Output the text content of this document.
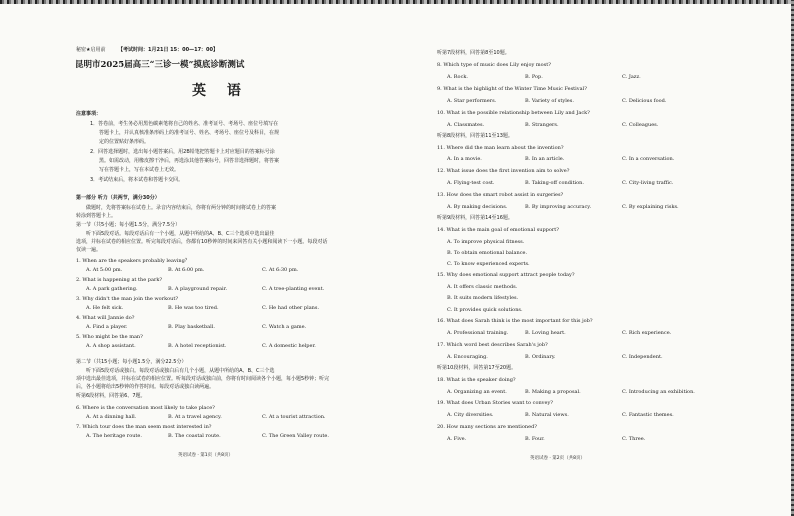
秘密★启用前	【考试时间：1月21日 15：00—17：00】
昆明市2025届高三“三诊一模”摸底诊断测试
英 语
注意事项：
1．答卷前，考生务必用黑色碳素笔将自己的姓名、准考证号、考场号、座位号填写在
答题卡上，并认真核准条形码上的准考证号、姓名、考场号、座位号及科目，在规
定的位置贴好条形码。
2．回答选择题时，选出每小题答案后，用2B铅笔把答题卡上对应题目的答案标号涂
黑。如需改动，用橡皮擦干净后，再选涂其他答案标号，回答非选择题时，将答案
写在答题卡上，写在本试卷上无效。
3．考试结束后，将本试卷和答题卡交回。
第一部分 听力（共两节，满分30分）
做题时，先将答案标在试卷上。录音内容结束后，你将有两分钟的时间将试卷上的答案
转涂到答题卡上。
第一节（共5小题；每小题1.5分，满分7.5分）
听下面5段对话。每段对话后有一个小题，从题中所给的A、B、C三个选项中选出最佳
选项，并标在试卷的相应位置。听完每段对话后，你都有10秒钟的时间来回答有关小题和阅读下一小题。每段对话
仅读一遍。
1. When are the speakers probably leaving？
A. At 5:00 pm.	B. At 6:00 pm.	C. At 6:30 pm.
2. What is happening at the park?
A. A park gathering.	B. A playground repair.	C. A tree-planting event.
3. Why didn't the man join the workout?
A. He felt sick.	B. He was too tired.	C. He had other plans.
4. What will Jannie do?
A. Find a player.	B. Play basketball.	C. Watch a game.
5. Who might be the man?
A. A shop assistant.	B. A hotel receptionist.	C. A domestic helper.
第二节（共15小题；每小题1.5分，满分22.5分）
听下面5段对话或独白。每段对话或独白后有几个小题，从题中所给的A、B、C三个选
项中选出最佳选项，并标在试卷的相应位置。听每段对话或独白前，你将有时间阅读各个小题，每小题5秒钟；听完
后，各小题将给出5秒钟的作答时间。每段对话或独白读两遍。
听第6段材料，回答第6、7题。
6. Where is the conversation most likely to take place?
A. At a dinning hall.	B. At a travel agency.	C. At a tourist attraction.
7. Which tour does the man seem most interested in?
A. The heritage route.	B. The coastal route.	C. The Green Valley route.
英语试卷 · 第1页（共8页）
听第7段材料，回答第8至10题。
8. Which type of music does Lily enjoy most?
A. Rock.	B. Pop.	C. Jazz.
9. What is the highlight of the Winter Time Music Festival?
A. Star performers.	B. Variety of styles.	C. Delicious food.
10. What is the possible relationship between Lily and Jack?
A. Classmates.	B. Strangers.	C. Colleagues.
听第8段材料，回答第11至13题。
11. Where did the man learn about the invention?
A. In a movie.	B. In an article.	C. In a conversation.
12. What issue does the first invention aim to solve?
A. Flying-test cost.	B. Taking-off condition.	C. City-living traffic.
13. How does the smart robot assist in surgeries?
A. By making decisions.	B. By improving accuracy.	C. By explaining risks.
听第9段材料，回答第14至16题。
14. What is the main goal of emotional support?
A. To improve physical fitness.
B. To obtain emotional balance.
C. To know experienced experts.
15. Why does emotional support attract people today?
A. It offers classic methods.
B. It suits modern lifestyles.
C. It provides quick solutions.
16. What does Sarah think is the most important for this job?
A. Professional training.	B. Loving heart.	C. Rich experience.
17. Which word best describes Sarah's job?
A. Encouraging.	B. Ordinary.	C. Independent.
听第10段材料，回答第17至20题。
18. What is the speaker doing?
A. Organizing an event.	B. Making a proposal.	C. Introducing an exhibition.
19. What does Urban Stories want to convey?
A. City diversities.	B. Natural views.	C. Fantastic themes.
20. How many sections are mentioned?
A. Five.	B. Four.	C. Three.
英语试卷 · 第2页（共8页）
